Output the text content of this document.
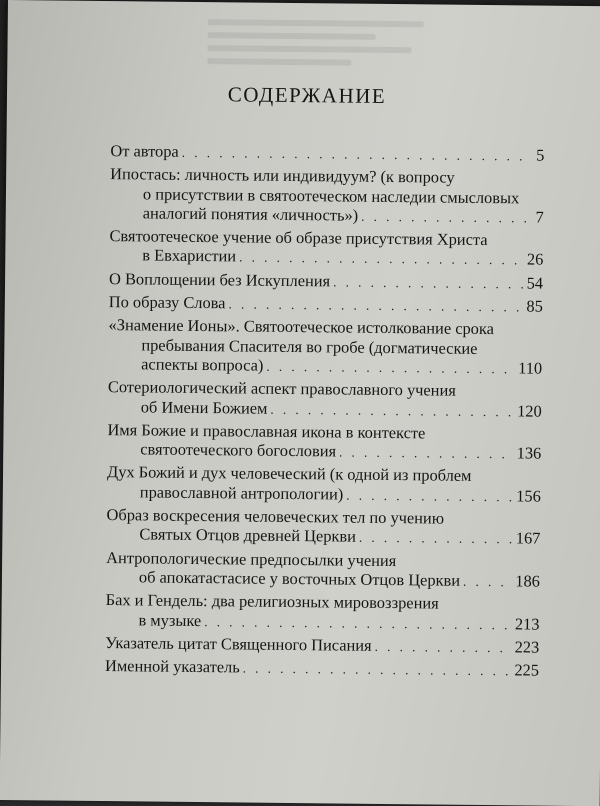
СОДЕРЖАНИЕ
От автора . . .	5
Ипостась: личность или индивидуум? (к вопросу
о присутствии в святоотеческом наследии смысловых
аналогий понятия «личность») . . .	7
Святоотеческое учение об образе присутствия Христа
в Евхаристии . . .	26
О Воплощении без Искупления . . .	54
По образу Слова . . .	85
«Знамение Ионы». Святоотеческое истолкование срока
пребывания Спасителя во гробе (догматические
аспекты вопроса) . . .	110
Сотериологический аспект православного учения
об Имени Божием . . .	120
Имя Божие и православная икона в контексте
святоотеческого богословия . . .	136
Дух Божий и дух человеческий (к одной из проблем
православной антропологии) . . .	156
Образ воскресения человеческих тел по учению
Святых Отцов древней Церкви . . .	167
Антропологические предпосылки учения
об апокатастасисе у восточных Отцов Церкви . . .	186
Бах и Гендель: два религиозных мировоззрения
в музыке . . .	213
Указатель цитат Священного Писания . . .	223
Именной указатель . . .	225
